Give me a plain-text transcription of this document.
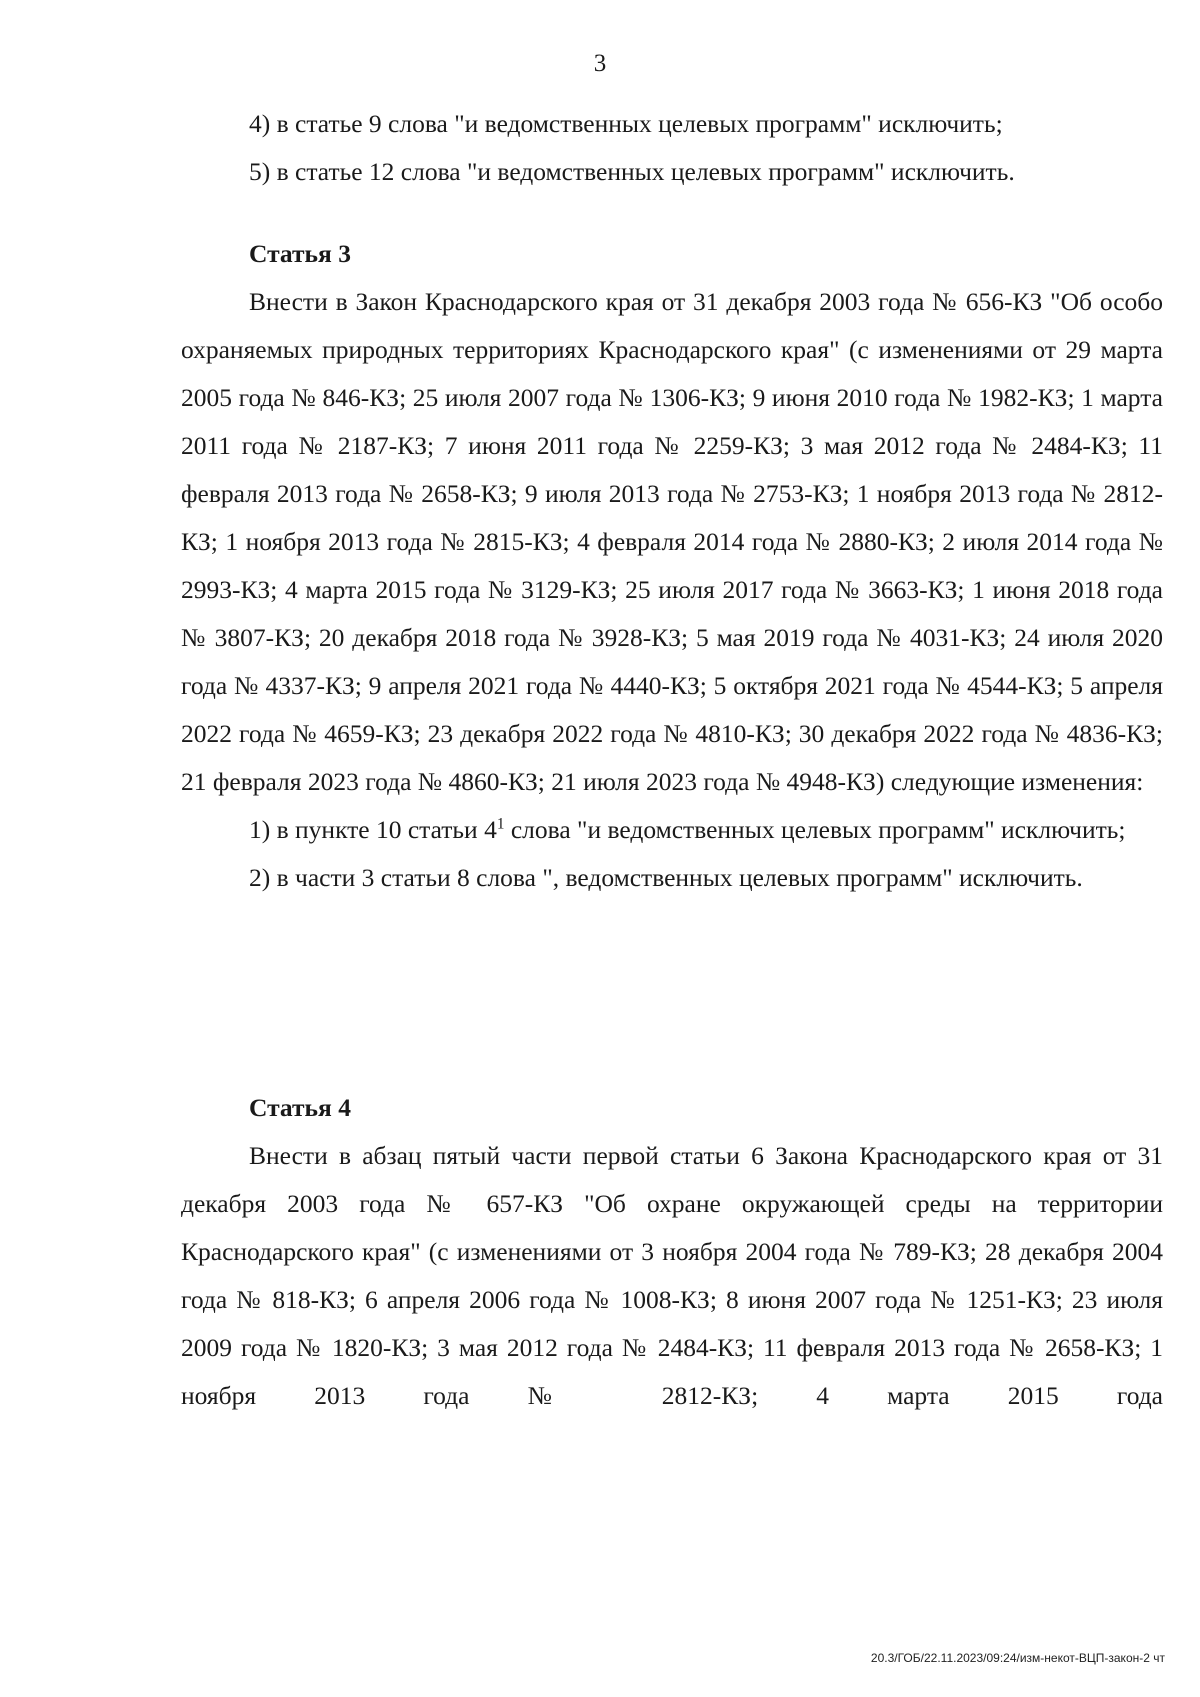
3
4) в статье 9 слова "и ведомственных целевых программ" исключить;
5) в статье 12 слова "и ведомственных целевых программ" исключить.
Статья 3
Внести в Закон Краснодарского края от 31 декабря 2003 года № 656-КЗ "Об особо охраняемых природных территориях Краснодарского края" (с изменениями от 29 марта 2005 года № 846-КЗ; 25 июля 2007 года № 1306-КЗ; 9 июня 2010 года № 1982-КЗ; 1 марта 2011 года № 2187-КЗ; 7 июня 2011 года № 2259-КЗ; 3 мая 2012 года № 2484-КЗ; 11 февраля 2013 года № 2658-КЗ; 9 июля 2013 года № 2753-КЗ; 1 ноября 2013 года № 2812-КЗ; 1 ноября 2013 года № 2815-КЗ; 4 февраля 2014 года № 2880-КЗ; 2 июля 2014 года № 2993-КЗ; 4 марта 2015 года № 3129-КЗ; 25 июля 2017 года № 3663-КЗ; 1 июня 2018 года № 3807-КЗ; 20 декабря 2018 года № 3928-КЗ; 5 мая 2019 года № 4031-КЗ; 24 июля 2020 года № 4337-КЗ; 9 апреля 2021 года № 4440-КЗ; 5 октября 2021 года № 4544-КЗ; 5 апреля 2022 года № 4659-КЗ; 23 декабря 2022 года № 4810-КЗ; 30 декабря 2022 года № 4836-КЗ; 21 февраля 2023 года № 4860-КЗ; 21 июля 2023 года № 4948-КЗ) следующие изменения:
1) в пункте 10 статьи $4^1$ слова "и ведомственных целевых программ" исключить;
2) в части 3 статьи 8 слова ", ведомственных целевых программ" исключить.
Статья 4
Внести в абзац пятый части первой статьи 6 Закона Краснодарского края от 31 декабря 2003 года № 657-КЗ "Об охране окружающей среды на территории Краснодарского края" (с изменениями от 3 ноября 2004 года № 789-КЗ; 28 декабря 2004 года № 818-КЗ; 6 апреля 2006 года № 1008-КЗ; 8 июня 2007 года № 1251-КЗ; 23 июля 2009 года № 1820-КЗ; 3 мая 2012 года № 2484-КЗ; 11 февраля 2013 года № 2658-КЗ; 1 ноября 2013 года № 2812-КЗ; 4 марта 2015 года
20.3/ГОБ/22.11.2023/09:24/изм-некот-ВЦП-закон-2 чт
